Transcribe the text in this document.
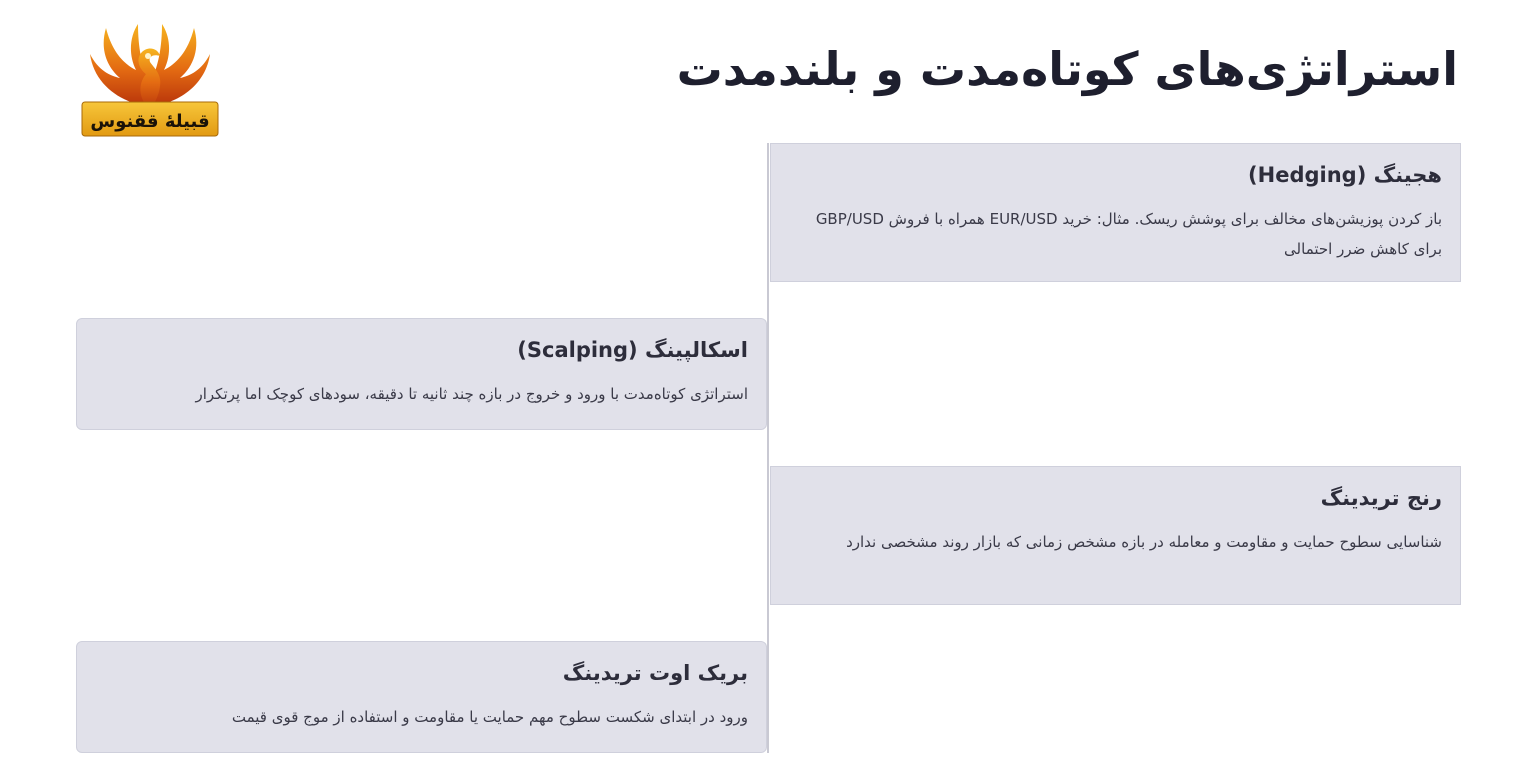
استراتژی‌های کوتاه‌مدت و بلندمدت
قبیلهٔ ققنوس
هجینگ (Hedging)

باز کردن پوزیشن‌های مخالف برای پوشش ریسک. مثال: خرید EUR/USD همراه با فروش GBP/USD برای کاهش ضرر احتمالی

اسکالپینگ (Scalping)

استراتژی کوتاه‌مدت با ورود و خروج در بازه چند ثانیه تا دقیقه، سودهای کوچک اما پرتکرار

رنج تریدینگ

شناسایی سطوح حمایت و مقاومت و معامله در بازه مشخص زمانی که بازار روند مشخصی ندارد

بریک اوت تریدینگ

ورود در ابتدای شکست سطوح مهم حمایت یا مقاومت و استفاده از موج قوی قیمت
